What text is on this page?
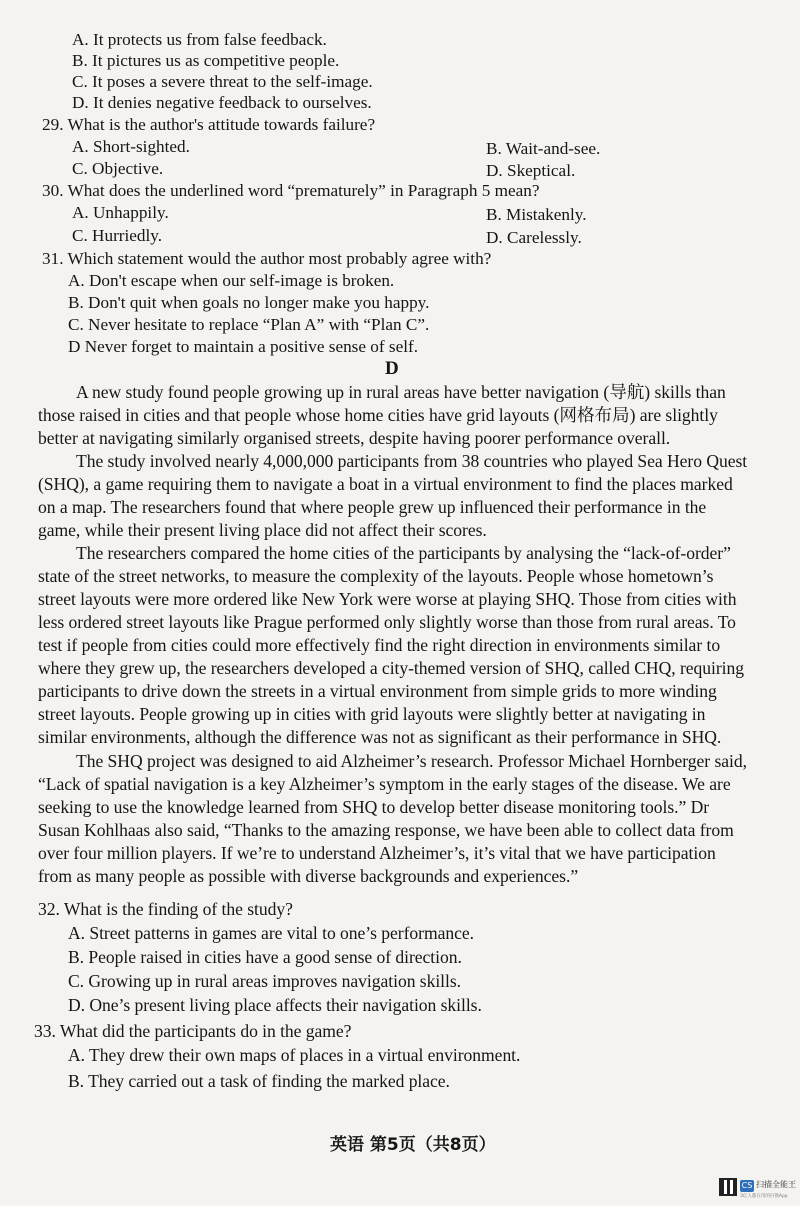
A. It protects us from false feedback.
B. It pictures us as competitive people.
C. It poses a severe threat to the self-image.
D. It denies negative feedback to ourselves.
29. What is the author's attitude towards failure?
A. Short-sighted.	B. Wait-and-see.
C. Objective.	D. Skeptical.
30. What does the underlined word “prematurely” in Paragraph 5 mean?
A. Unhappily.	B. Mistakenly.
C. Hurriedly.	D. Carelessly.
31. Which statement would the author most probably agree with?
A. Don't escape when our self-image is broken.
B. Don't quit when goals no longer make you happy.
C. Never hesitate to replace “Plan A” with “Plan C”.
D Never forget to maintain a positive sense of self.
D
A new study found people growing up in rural areas have better navigation (导航) skills than
those raised in cities and that people whose home cities have grid layouts (网格布局) are slightly
better at navigating similarly organised streets, despite having poorer performance overall.
The study involved nearly 4,000,000 participants from 38 countries who played Sea Hero Quest
(SHQ), a game requiring them to navigate a boat in a virtual environment to find the places marked
on a map. The researchers found that where people grew up influenced their performance in the
game, while their present living place did not affect their scores.
The researchers compared the home cities of the participants by analysing the “lack-of-order”
state of the street networks, to measure the complexity of the layouts. People whose hometown’s
street layouts were more ordered like New York were worse at playing SHQ. Those from cities with
less ordered street layouts like Prague performed only slightly worse than those from rural areas. To
test if people from cities could more effectively find the right direction in environments similar to
where they grew up, the researchers developed a city-themed version of SHQ, called CHQ, requiring
participants to drive down the streets in a virtual environment from simple grids to more winding
street layouts. People growing up in cities with grid layouts were slightly better at navigating in
similar environments, although the difference was not as significant as their performance in SHQ.
The SHQ project was designed to aid Alzheimer’s research. Professor Michael Hornberger said,
“Lack of spatial navigation is a key Alzheimer’s symptom in the early stages of the disease. We are
seeking to use the knowledge learned from SHQ to develop better disease monitoring tools.” Dr
Susan Kohlhaas also said, “Thanks to the amazing response, we have been able to collect data from
over four million players. If we’re to understand Alzheimer’s, it’s vital that we have participation
from as many people as possible with diverse backgrounds and experiences.”
32. What is the finding of the study?
A. Street patterns in games are vital to one’s performance.
B. People raised in cities have a good sense of direction.
C. Growing up in rural areas improves navigation skills.
D. One’s present living place affects their navigation skills.
33. What did the participants do in the game?
A. They drew their own maps of places in a virtual environment.
B. They carried out a task of finding the marked place.
英语 第5页（共8页）
CS 扫描全能王
3亿人都在用的扫描App
